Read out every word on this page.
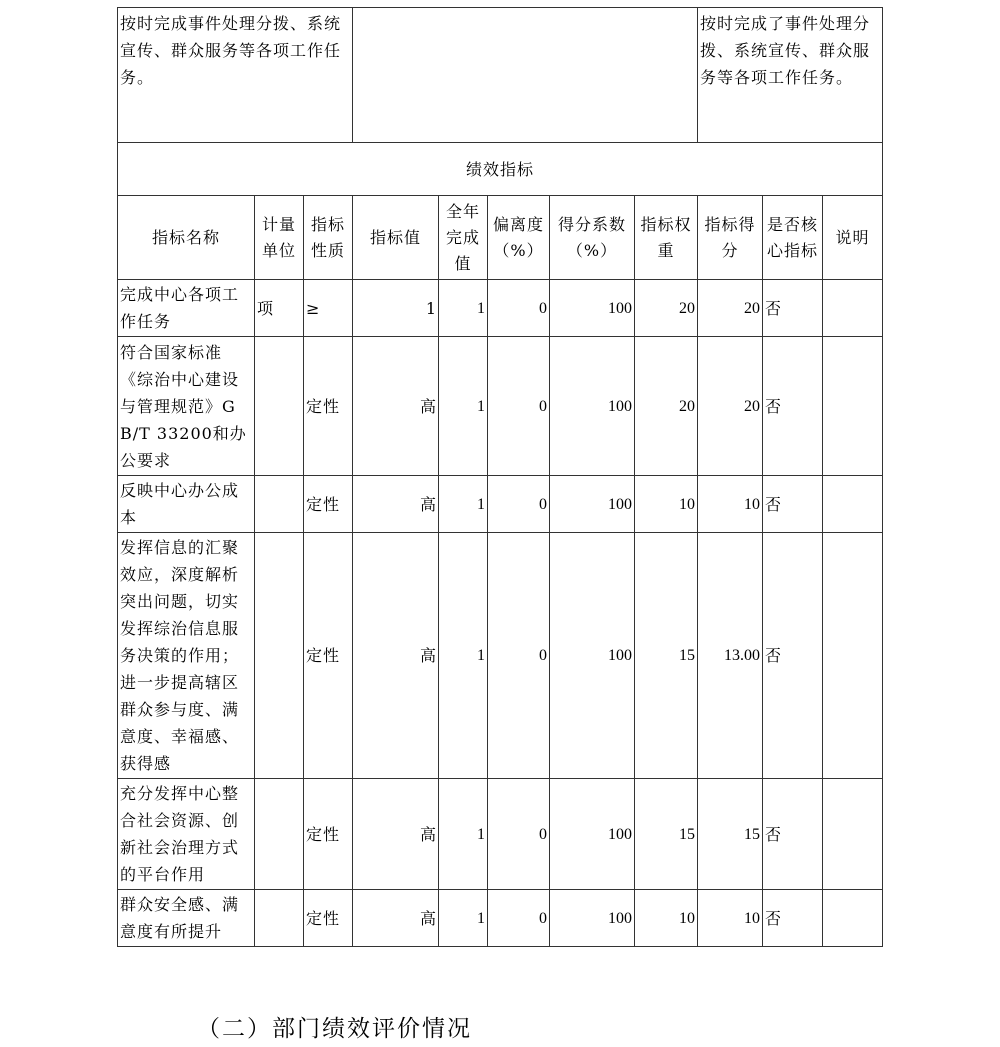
按时完成事件处理分拨、系统宣传、群众服务等各项工作任务。								按时完成了事件处理分拨、系统宣传、群众服务等各项工作任务。		
绩效指标										
指标名称	计量单位	指标性质	指标值	全年完成值	偏离度（%）	得分系数（%）	指标权重	指标得分	是否核心指标	说明
完成中心各项工作任务	项	≥	1	1	0	100	20	20	否	
符合国家标准《综治中心建设与管理规范》GB/T 33200和办公要求		定性	高	1	0	100	20	20	否	
反映中心办公成本		定性	高	1	0	100	10	10	否	
发挥信息的汇聚效应，深度解析突出问题，切实发挥综治信息服务决策的作用；进一步提高辖区群众参与度、满意度、幸福感、获得感		定性	高	1	0	100	15	13.00	否	
充分发挥中心整合社会资源、创新社会治理方式的平台作用		定性	高	1	0	100	15	15	否	
群众安全感、满意度有所提升		定性	高	1	0	100	10	10	否	
（二）部门绩效评价情况
